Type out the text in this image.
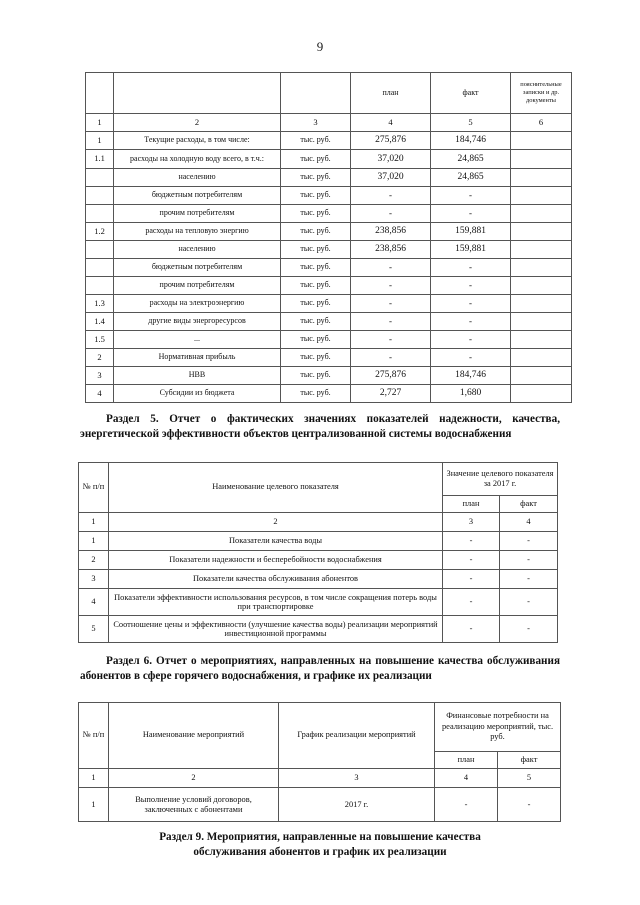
9
			план	факт	пояснительные записки и др. документы
1	2	3	4	5	6
1	Текущие расходы, в том числе:	тыс. руб.	275,876	184,746	
1.1	расходы на холодную воду всего, в т.ч.:	тыс. руб.	37,020	24,865	
	населению	тыс. руб.	37,020	24,865	
	бюджетным потребителям	тыс. руб.	-	-	
	прочим потребителям	тыс. руб.	-	-	
1.2	расходы на тепловую энергию	тыс. руб.	238,856	159,881	
	населению	тыс. руб.	238,856	159,881	
	бюджетным потребителям	тыс. руб.	-	-	
	прочим потребителям	тыс. руб.	-	-	
1.3	расходы на электроэнергию	тыс. руб.	-	-	
1.4	другие виды энергоресурсов	тыс. руб.	-	-	
1.5	...	тыс. руб.	-	-	
2	Нормативная прибыль	тыс. руб.	-	-	
3	НВВ	тыс. руб.	275,876	184,746	
4	Субсидии из бюджета	тыс. руб.	2,727	1,680	
Раздел 5. Отчет о фактических значениях показателей надежности, качества, энергетической эффективности объектов централизованной системы водоснабжения
№ п/п	Наименование целевого показателя	Значение целевого показателя за 2017 г.	
		план	факт
1	2	3	4
1	Показатели качества воды	-	-
2	Показатели надежности и бесперебойности водоснабжения	-	-
3	Показатели качества обслуживания абонентов	-	-
4	Показатели эффективности использования ресурсов, в том числе сокращения потерь воды при транспортировке	-	-
5	Соотношение цены и эффективности (улучшение качества воды) реализации мероприятий инвестиционной программы	-	-
Раздел 6. Отчет о мероприятиях, направленных на повышение качества обслуживания абонентов в сфере горячего водоснабжения, и графике их реализации
№ п/п	Наименование мероприятий	График реализации мероприятий	Финансовые потребности на реализацию мероприятий, тыс. руб.	
			план	факт
1	2	3	4	5
1	Выполнение условий договоров, заключенных с абонентами	2017 г.	-	-
Раздел 9. Мероприятия, направленные на повышение качества
обслуживания абонентов и график их реализации
